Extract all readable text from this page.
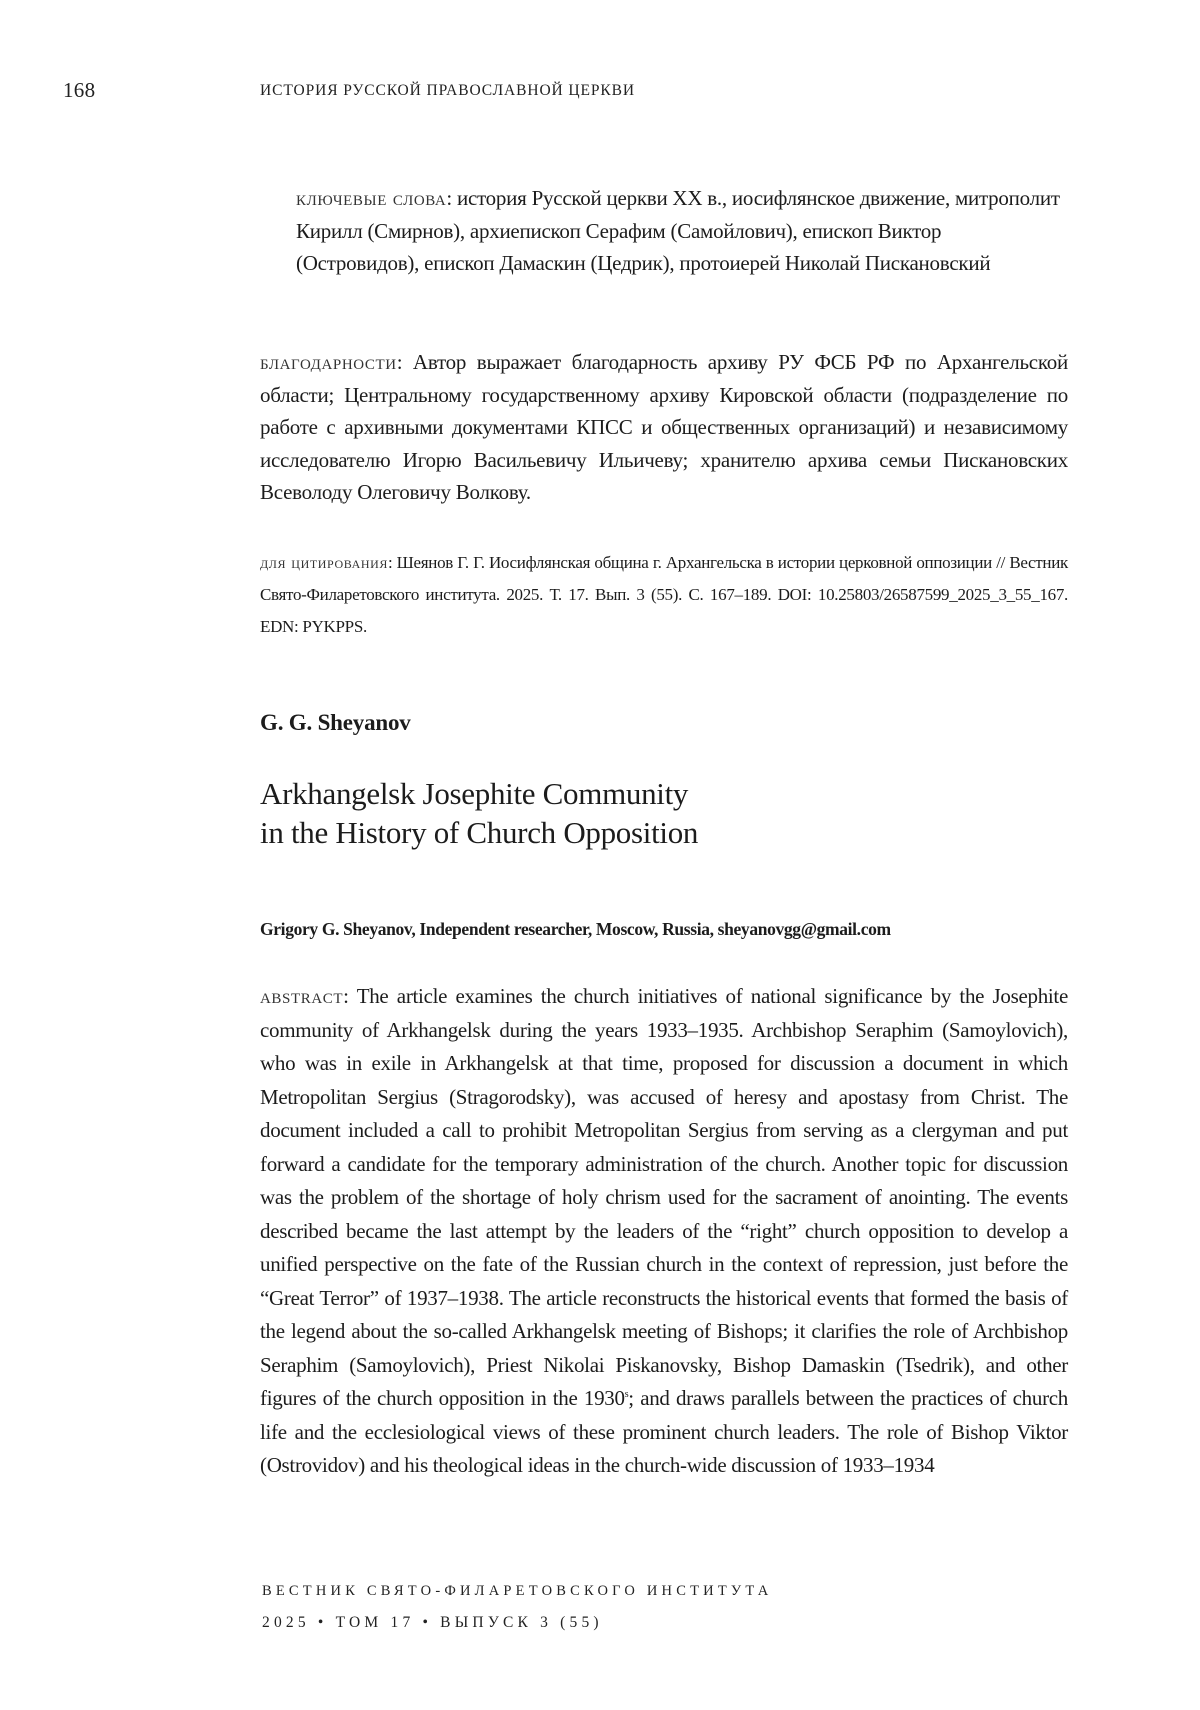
168	ИСТОРИЯ РУССКОЙ ПРАВОСЛАВНОЙ ЦЕРКВИ
ключевые слова: история Русской церкви XX в., иосифлянское движение, митрополит Кирилл (Смирнов), архиепископ Серафим (Самойлович), епископ Виктор (Островидов), епископ Дамаскин (Цедрик), протоиерей Николай Пискановский
благодарности: Автор выражает благодарность архиву РУ ФСБ РФ по Архангельской области; Центральному государственному архиву Кировской области (подразделение по работе с архивными документами КПСС и общественных организаций) и независимому исследователю Игорю Васильевичу Ильичеву; хранителю архива семьи Пискановских Всеволоду Олеговичу Волкову.
для цитирования: Шеянов Г. Г. Иосифлянская община г. Архангельска в истории церковной оппозиции // Вестник Свято-Филаретовского института. 2025. Т. 17. Вып. 3 (55). С. 167–189. DOI: 10.25803/26587599_2025_3_55_167. EDN: PYKPPS.
G. G. Sheyanov
Arkhangelsk Josephite Community
in the History of Church Opposition
Grigory G. Sheyanov, Independent researcher, Moscow, Russia, sheyanovgg@gmail.com
abstract: The article examines the church initiatives of national significance by the Josephite community of Arkhangelsk during the years 1933–1935. Archbishop Seraphim (Samoylovich), who was in exile in Arkhangelsk at that time, proposed for discussion a document in which Metropolitan Sergius (Stragorodsky), was accused of heresy and apostasy from Christ. The document included a call to prohibit Metropolitan Sergius from serving as a clergyman and put forward a candidate for the temporary administration of the church. Another topic for discussion was the problem of the shortage of holy chrism used for the sacrament of anointing. The events described became the last attempt by the leaders of the “right” church opposition to develop a unified perspective on the fate of the Russian church in the context of repression, just before the “Great Terror” of 1937–1938. The article reconstructs the historical events that formed the basis of the legend about the so-called Arkhangelsk meeting of Bishops; it clarifies the role of Archbishop Seraphim (Samoylovich), Priest Nikolai Piskanovsky, Bishop Damaskin (Tsedrik), and other figures of the church opposition in the 1930$^s$; and draws parallels between the practices of church life and the ecclesiological views of these prominent church leaders. The role of Bishop Viktor (Ostrovidov) and his theological ideas in the church-wide discussion of 1933–1934
ВЕСТНИК СВЯТО-ФИЛАРЕТОВСКОГО ИНСТИТУТА
2025 • ТОМ 17 • ВЫПУСК 3 (55)
